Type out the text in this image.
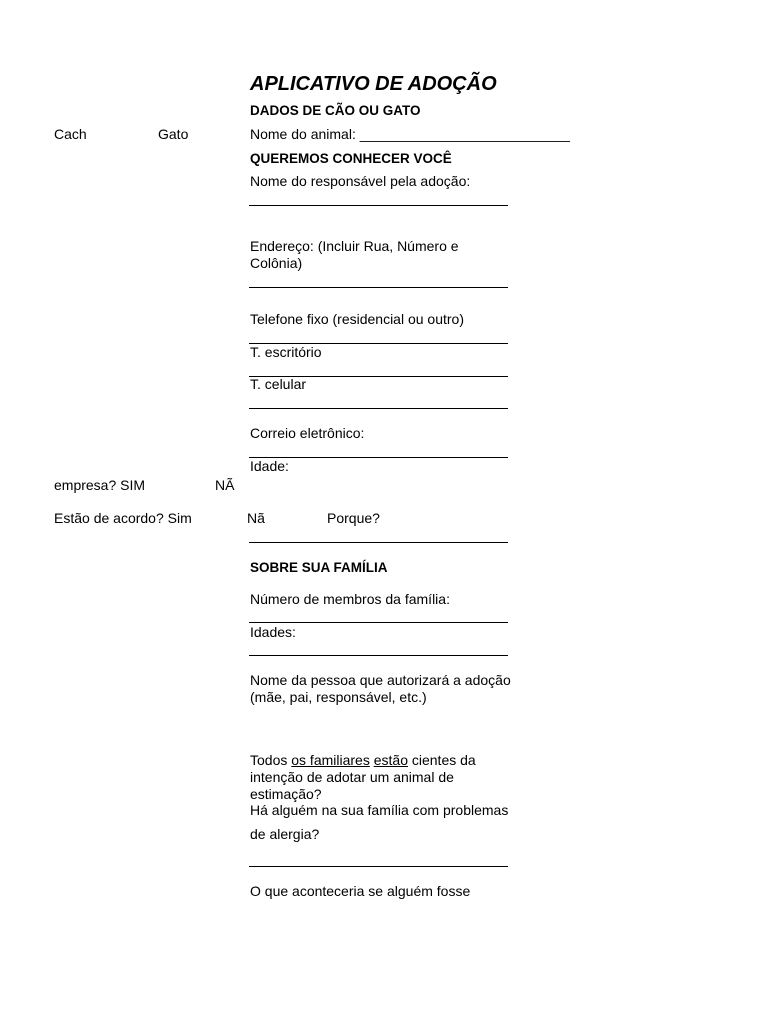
APLICATIVO DE ADOÇÃO
DADOS DE CÃO OU GATO
Cach	Gato	Nome do animal: ___________________________
QUEREMOS CONHECER VOCÊ
Nome do responsável pela adoção:
Endereço: (Incluir Rua, Número e
Colônia)
Telefone fixo (residencial ou outro)
T. escritório
T. celular
Correio eletrônico:
Idade:
empresa? SIM	NÃ
Estão de acordo? Sim	Nã	Porque?
SOBRE SUA FAMÍLIA
Número de membros da família:
Idades:
Nome da pessoa que autorizará a adoção
(mãe, pai, responsável, etc.)
Todos os familiares estão cientes da
intenção de adotar um animal de
estimação?
Há alguém na sua família com problemas
de alergia?
O que aconteceria se alguém fosse
